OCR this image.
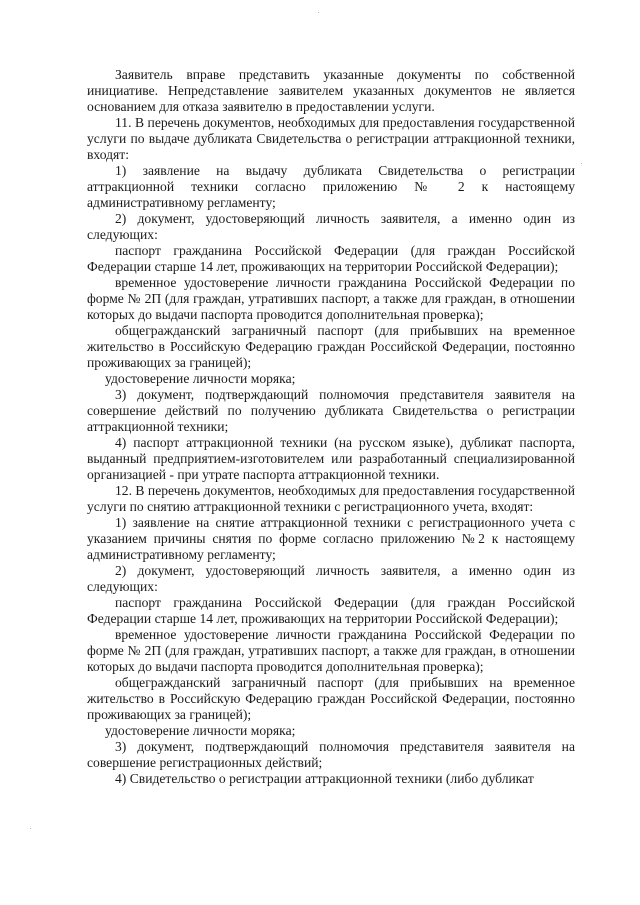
Заявитель вправе представить указанные документы по собственной инициативе. Непредставление заявителем указанных документов не является основанием для отказа заявителю в предоставлении услуги.

11. В перечень документов, необходимых для предоставления государственной услуги по выдаче дубликата Свидетельства о регистрации аттракционной техники, входят:

1) заявление на выдачу дубликата Свидетельства о регистрации аттракционной техники согласно приложению № 2 к настоящему административному регламенту;

2) документ, удостоверяющий личность заявителя, а именно один из следующих:

паспорт гражданина Российской Федерации (для граждан Российской Федерации старше 14 лет, проживающих на территории Российской Федерации);

временное удостоверение личности гражданина Российской Федерации по форме № 2П (для граждан, утративших паспорт, а также для граждан, в отношении которых до выдачи паспорта проводится дополнительная проверка);

общегражданский заграничный паспорт (для прибывших на временное жительство в Российскую Федерацию граждан Российской Федерации, постоянно проживающих за границей);

удостоверение личности моряка;

3) документ, подтверждающий полномочия представителя заявителя на совершение действий по получению дубликата Свидетельства о регистрации аттракционной техники;

4) паспорт аттракционной техники (на русском языке), дубликат паспорта, выданный предприятием-изготовителем или разработанный специализированной организацией - при утрате паспорта аттракционной техники.

12. В перечень документов, необходимых для предоставления государственной услуги по снятию аттракционной техники с регистрационного учета, входят:

1) заявление на снятие аттракционной техники с регистрационного учета с указанием причины снятия по форме согласно приложению №2 к настоящему административному регламенту;

2) документ, удостоверяющий личность заявителя, а именно один из следующих:

паспорт гражданина Российской Федерации (для граждан Российской Федерации старше 14 лет, проживающих на территории Российской Федерации);

временное удостоверение личности гражданина Российской Федерации по форме № 2П (для граждан, утративших паспорт, а также для граждан, в отношении которых до выдачи паспорта проводится дополнительная проверка);

общегражданский заграничный паспорт (для прибывших на временное жительство в Российскую Федерацию граждан Российской Федерации, постоянно проживающих за границей);

удостоверение личности моряка;

3) документ, подтверждающий полномочия представителя заявителя на совершение регистрационных действий;

4) Свидетельство о регистрации аттракционной техники (либо дубликат
